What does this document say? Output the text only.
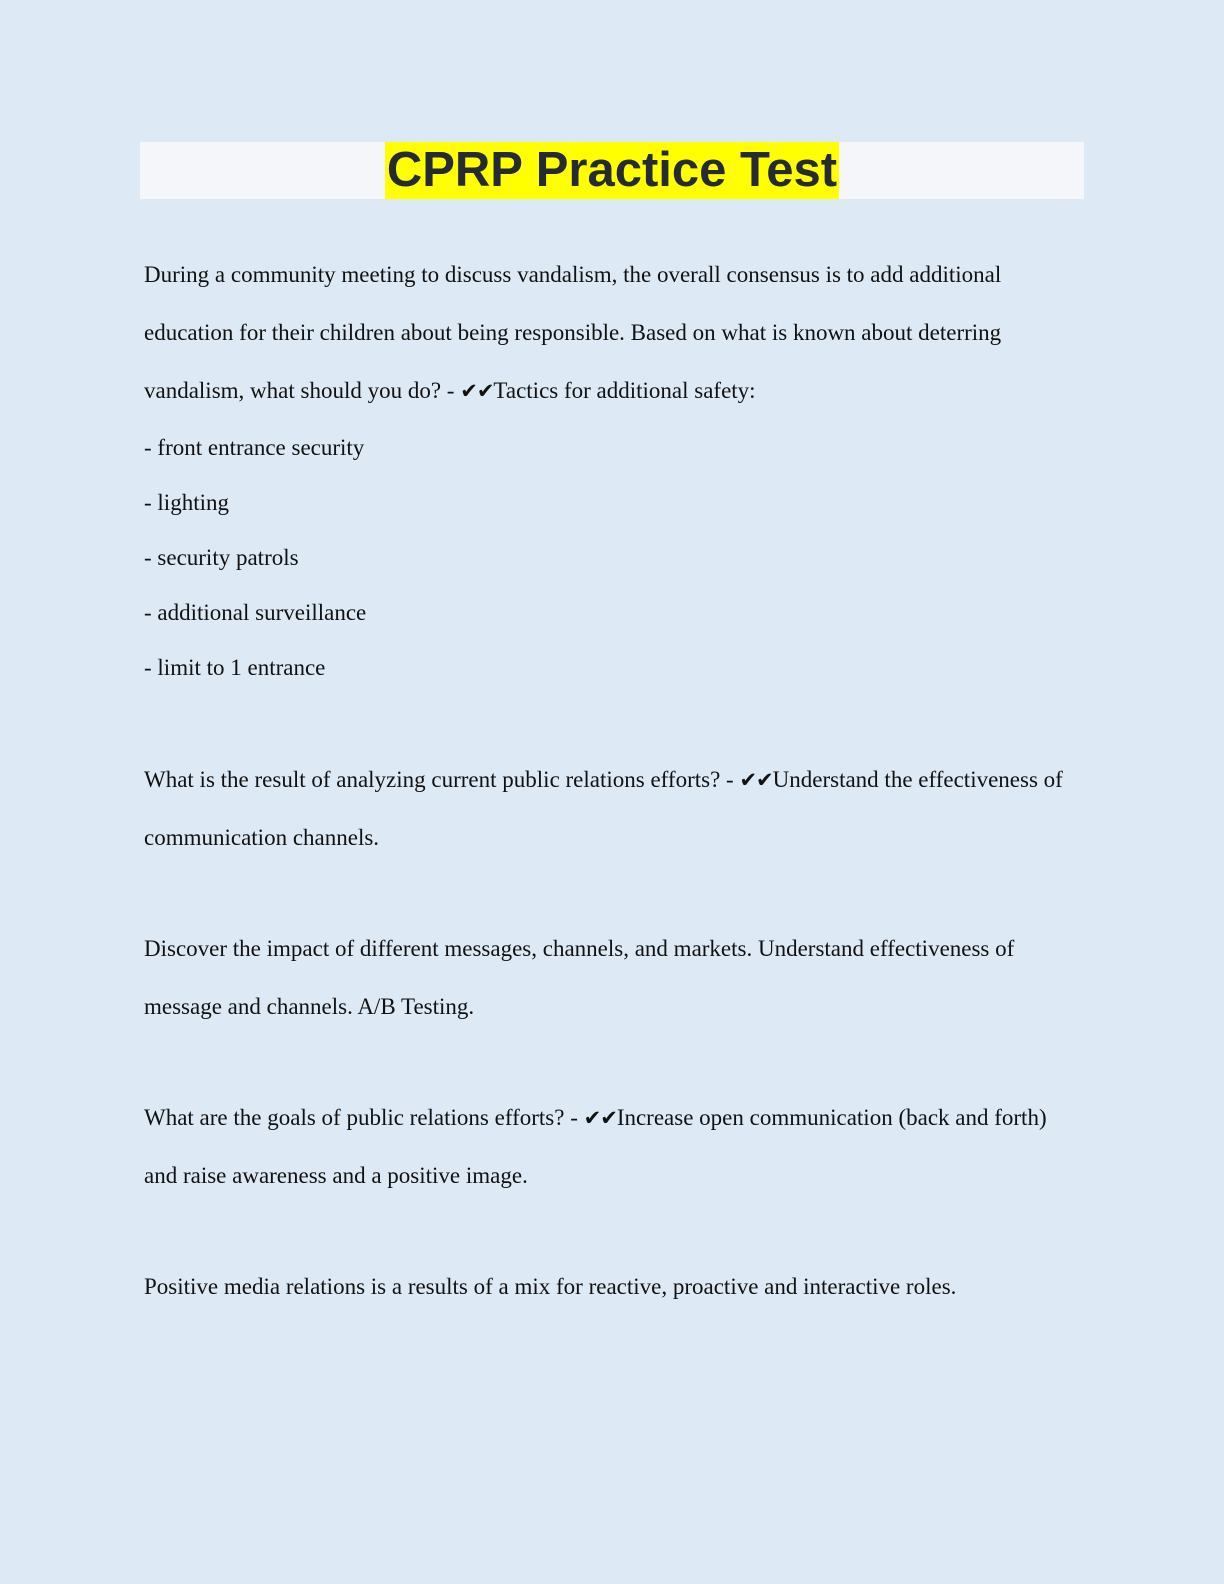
CPRP Practice Test

During a community meeting to discuss vandalism, the overall consensus is to add additional education for their children about being responsible. Based on what is known about deterring vandalism, what should you do? - ✔✔Tactics for additional safety:

- front entrance security
- lighting
- security patrols
- additional surveillance
- limit to 1 entrance

What is the result of analyzing current public relations efforts? - ✔✔Understand the effectiveness of communication channels.

Discover the impact of different messages, channels, and markets. Understand effectiveness of message and channels. A/B Testing.

What are the goals of public relations efforts? - ✔✔Increase open communication (back and forth) and raise awareness and a positive image.

Positive media relations is a results of a mix for reactive, proactive and interactive roles.
